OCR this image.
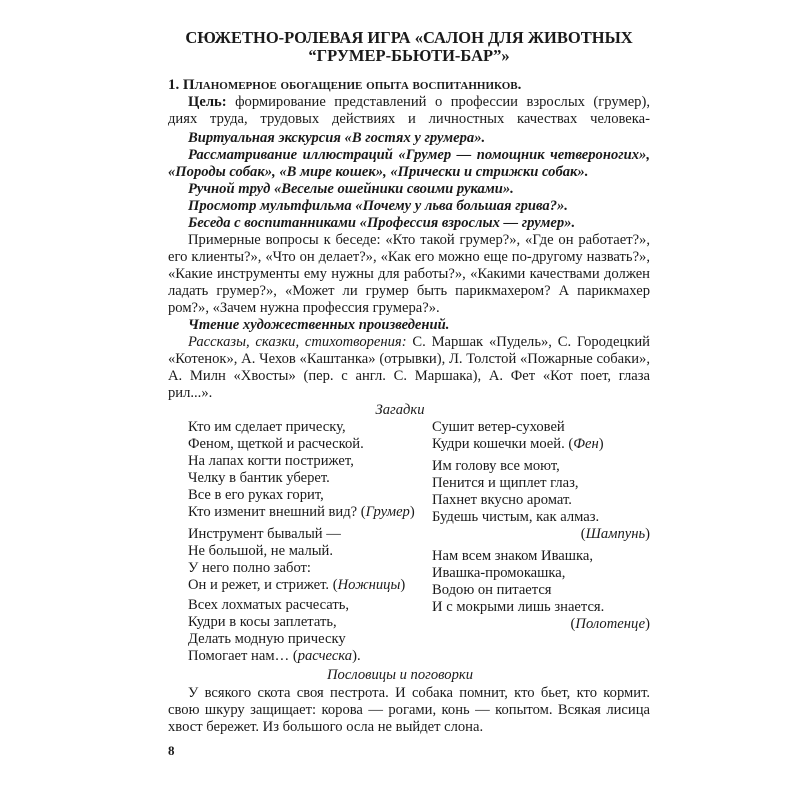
СЮЖЕТНО-РОЛЕВАЯ ИГРА «САЛОН ДЛЯ ЖИВОТНЫХ
“ГРУМЕР-БЬЮТИ-БАР”»
1. Планомерное обогащение опыта воспитанников.
Цель: формирование представлений о профессии взрослых (грумер),
диях труда, трудовых действиях и личностных качествах человека-
Виртуальная экскурсия «В гостях у грумера».
Рассматривание иллюстраций «Грумер — помощник четвероногих»,
«Породы собак», «В мире кошек», «Прически и стрижки собак».
Ручной труд «Веселые ошейники своими руками».
Просмотр мультфильма «Почему у льва большая грива?».
Беседа с воспитанниками «Профессия взрослых — грумер».
Примерные вопросы к беседе: «Кто такой грумер?», «Где он работает?»,
его клиенты?», «Что он делает?», «Как его можно еще по-другому назвать?»,
«Какие инструменты ему нужны для работы?», «Какими качествами должен
ладать грумер?», «Может ли грумер быть парикмахером? А парикмахер
ром?», «Зачем нужна профессия грумера?».
Чтение художественных произведений.
Рассказы, сказки, стихотворения: С. Маршак «Пудель», С. Городецкий
«Котенок», А. Чехов «Каштанка» (отрывки), Л. Толстой «Пожарные собаки»,
А. Милн «Хвосты» (пер. с англ. С. Маршака), А. Фет «Кот поет, глаза
рил...».
Загадки
Кто им сделает прическу,
Феном, щеткой и расческой.
На лапах когти пострижет,
Челку в бантик уберет.
Все в его руках горит,
Кто изменит внешний вид? (Грумер)
Инструмент бывалый —
Не большой, не малый.
У него полно забот:
Он и режет, и стрижет. (Ножницы)
Всех лохматых расчесать,
Кудри в косы заплетать,
Делать модную прическу
Помогает нам… (расческа).
Сушит ветер-суховей
Кудри кошечки моей. (Фен)
Им голову все моют,
Пенится и щиплет глаз,
Пахнет вкусно аромат.
Будешь чистым, как алмаз.
(Шампунь)
Нам всем знаком Ивашка,
Ивашка-промокашка,
Водою он питается
И с мокрыми лишь знается.
(Полотенце)
Пословицы и поговорки
У всякого скота своя пестрота. И собака помнит, кто бьет, кто кормит.
свою шкуру защищает: корова — рогами, конь — копытом. Всякая лисица
хвост бережет. Из большого осла не выйдет слона.
8
